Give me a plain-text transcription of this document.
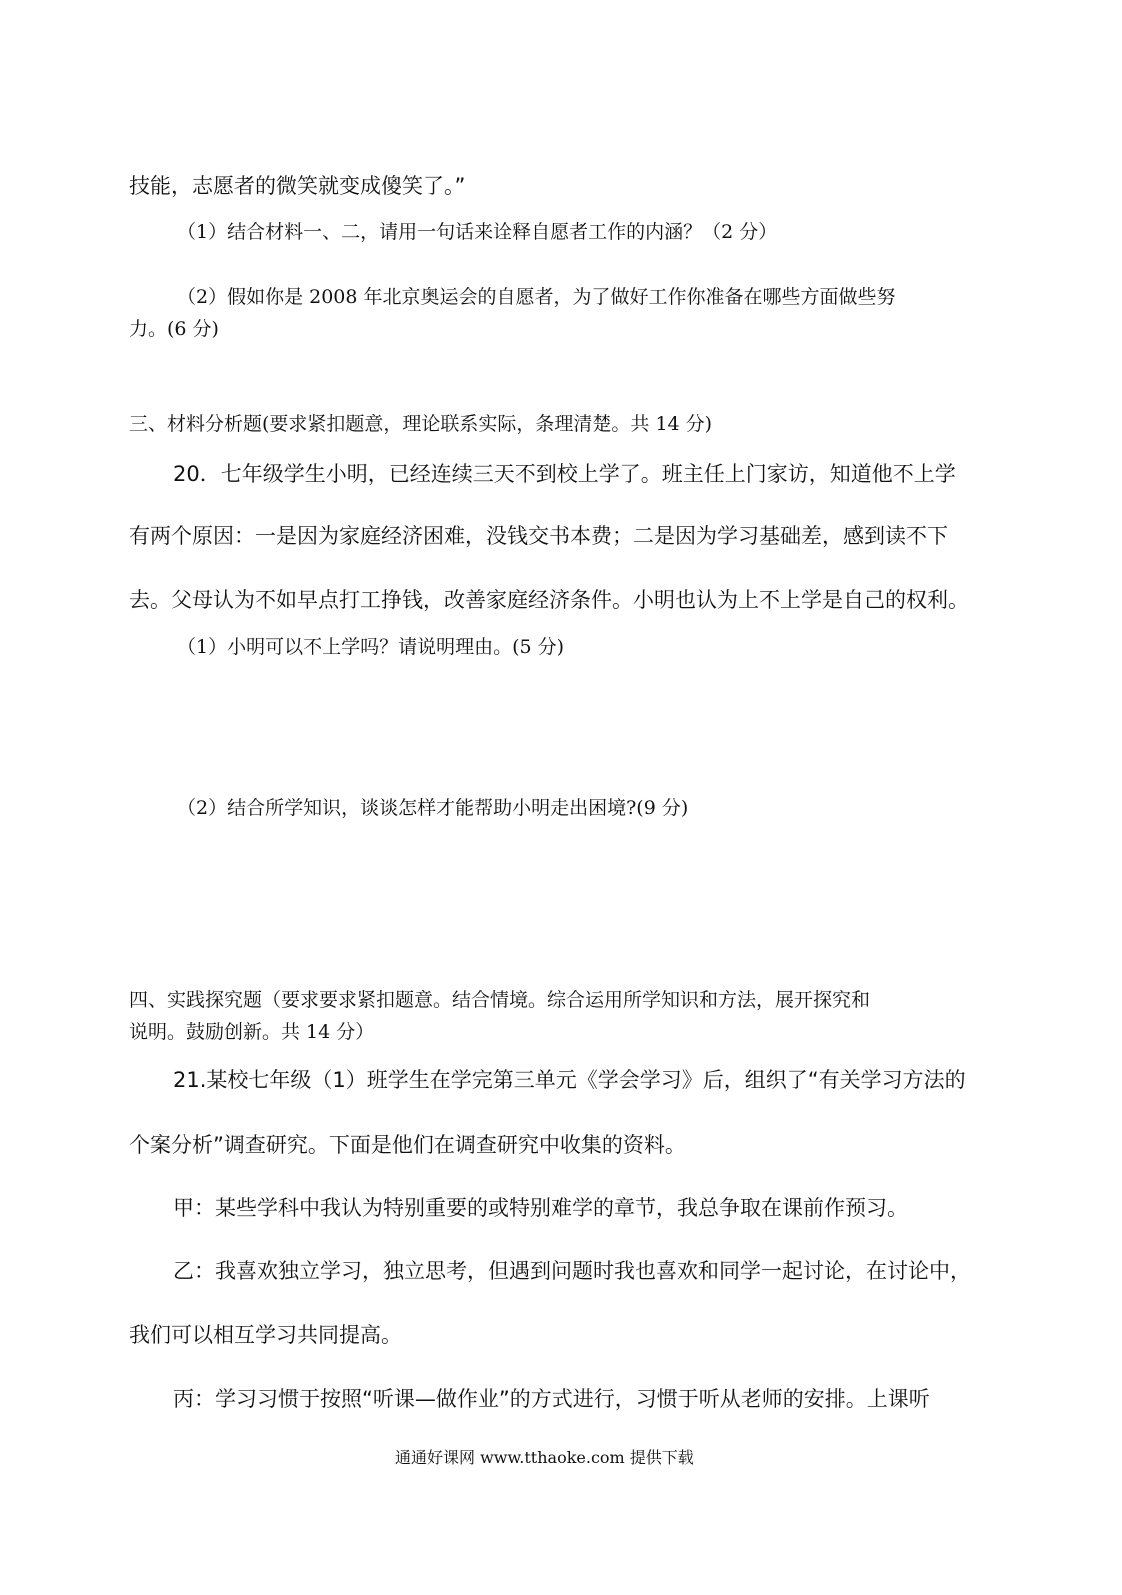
技能，志愿者的微笑就变成傻笑了。”
（1）结合材料一、二，请用一句话来诠释自愿者工作的内涵？（2 分）
（2）假如你是 2008 年北京奥运会的自愿者，为了做好工作你准备在哪些方面做些努
力。(6 分)
三、材料分析题(要求紧扣题意，理论联系实际，条理清楚。共 14 分)
20．七年级学生小明，已经连续三天不到校上学了。班主任上门家访，知道他不上学
有两个原因：一是因为家庭经济困难，没钱交书本费；二是因为学习基础差，感到读不下
去。父母认为不如早点打工挣钱，改善家庭经济条件。小明也认为上不上学是自己的权利。
（1）小明可以不上学吗？请说明理由。(5 分)
（2）结合所学知识，谈谈怎样才能帮助小明走出困境?(9 分)
四、实践探究题（要求要求紧扣题意。结合情境。综合运用所学知识和方法，展开探究和
说明。鼓励创新。共 14 分）
21.某校七年级（1）班学生在学完第三单元《学会学习》后，组织了“有关学习方法的
个案分析”调查研究。下面是他们在调查研究中收集的资料。
甲：某些学科中我认为特别重要的或特别难学的章节，我总争取在课前作预习。
乙：我喜欢独立学习，独立思考，但遇到问题时我也喜欢和同学一起讨论，在讨论中，
我们可以相互学习共同提高。
丙：学习习惯于按照“听课—做作业”的方式进行，习惯于听从老师的安排。上课听
通通好课网 www.tthaoke.com 提供下载
